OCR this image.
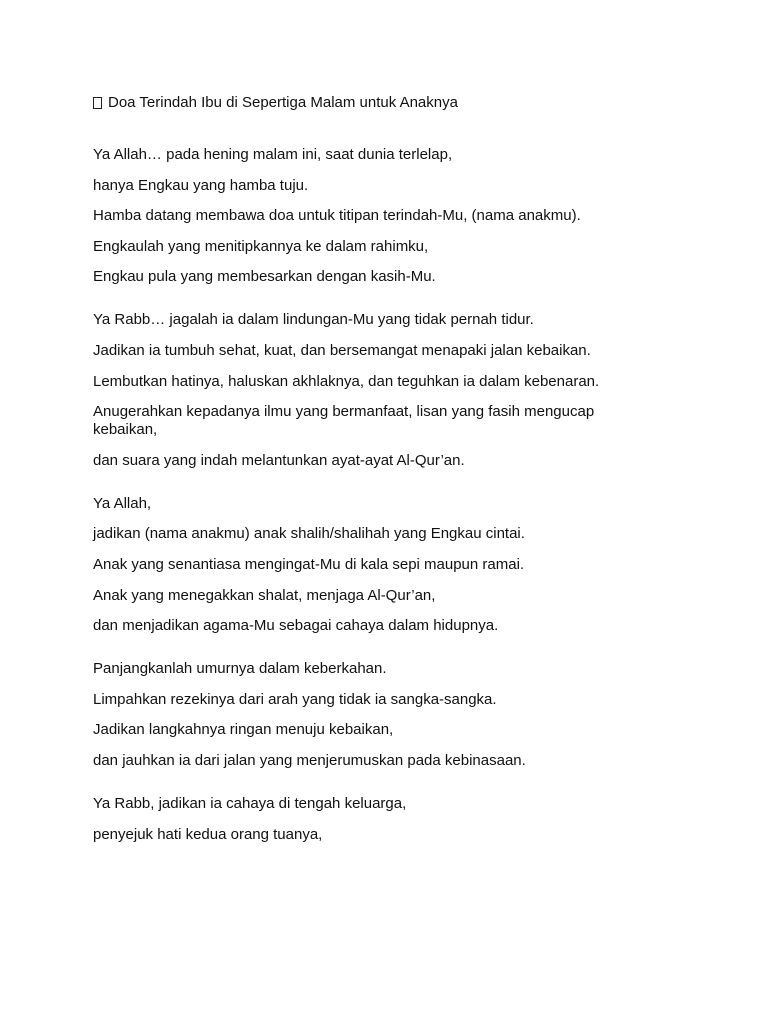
Doa Terindah Ibu di Sepertiga Malam untuk Anaknya
Ya Allah… pada hening malam ini, saat dunia terlelap,
hanya Engkau yang hamba tuju.
Hamba datang membawa doa untuk titipan terindah-Mu, (nama anakmu).
Engkaulah yang menitipkannya ke dalam rahimku,
Engkau pula yang membesarkan dengan kasih-Mu.
Ya Rabb… jagalah ia dalam lindungan-Mu yang tidak pernah tidur.
Jadikan ia tumbuh sehat, kuat, dan bersemangat menapaki jalan kebaikan.
Lembutkan hatinya, haluskan akhlaknya, dan teguhkan ia dalam kebenaran.
Anugerahkan kepadanya ilmu yang bermanfaat, lisan yang fasih mengucap kebaikan,
dan suara yang indah melantunkan ayat-ayat Al-Qur’an.
Ya Allah,
jadikan (nama anakmu) anak shalih/shalihah yang Engkau cintai.
Anak yang senantiasa mengingat-Mu di kala sepi maupun ramai.
Anak yang menegakkan shalat, menjaga Al-Qur’an,
dan menjadikan agama-Mu sebagai cahaya dalam hidupnya.
Panjangkanlah umurnya dalam keberkahan.
Limpahkan rezekinya dari arah yang tidak ia sangka-sangka.
Jadikan langkahnya ringan menuju kebaikan,
dan jauhkan ia dari jalan yang menjerumuskan pada kebinasaan.
Ya Rabb, jadikan ia cahaya di tengah keluarga,
penyejuk hati kedua orang tuanya,
